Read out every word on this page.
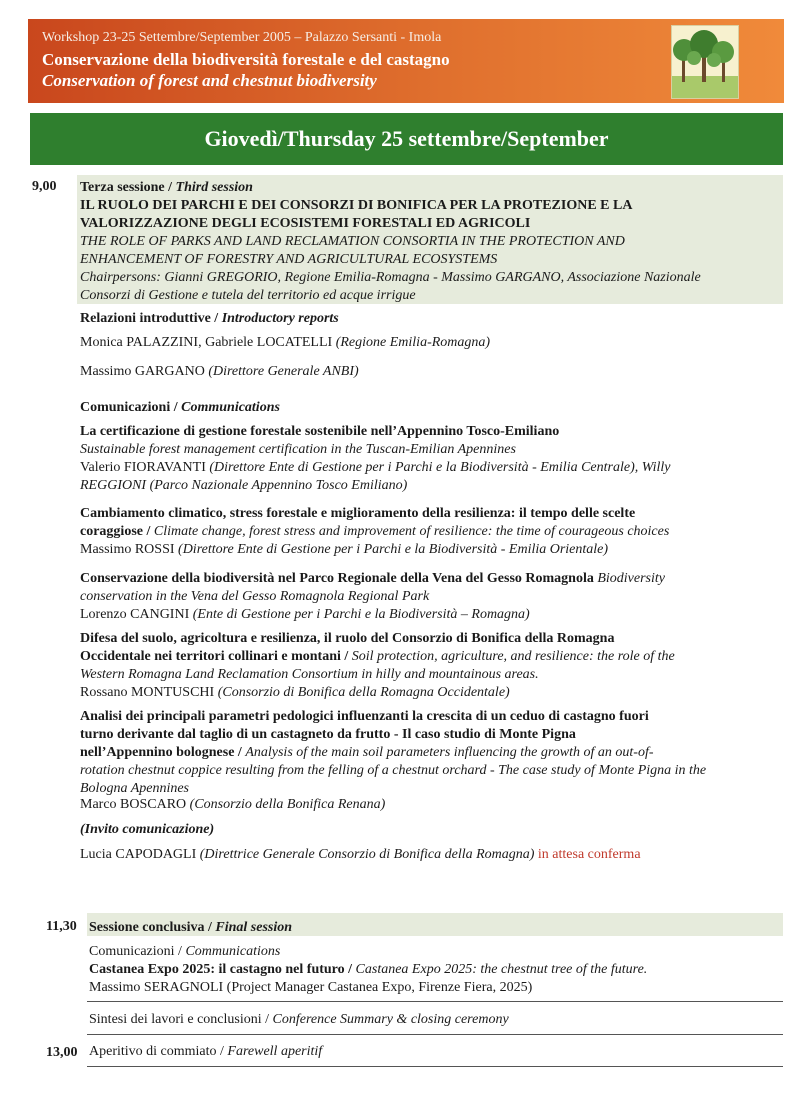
Workshop 23-25 Settembre/September 2005 – Palazzo Sersanti - Imola
Conservazione della biodiversità forestale e del castagno
Conservation of forest and chestnut biodiversity
Giovedì/Thursday 25 settembre/September
9,00 Terza sessione / Third session
IL RUOLO DEI PARCHI E DEI CONSORZI DI BONIFICA PER LA PROTEZIONE E LA
VALORIZZAZIONE DEGLI ECOSISTEMI FORESTALI ED AGRICOLI
THE ROLE OF PARKS AND LAND RECLAMATION CONSORTIA IN THE PROTECTION AND
ENHANCEMENT OF FORESTRY AND AGRICULTURAL ECOSYSTEMS
Chairpersons: Gianni GREGORIO, Regione Emilia-Romagna - Massimo GARGANO, Associazione Nazionale
Consorzi di Gestione e tutela del territorio ed acque irrigue
Relazioni introduttive / Introductory reports
Monica PALAZZINI, Gabriele LOCATELLI (Regione Emilia-Romagna)
Massimo GARGANO (Direttore Generale ANBI)
Comunicazioni / Communications
La certificazione di gestione forestale sostenibile nell’Appennino Tosco-Emiliano
Sustainable forest management certification in the Tuscan-Emilian Apennines
Valerio FIORAVANTI (Direttore Ente di Gestione per i Parchi e la Biodiversità - Emilia Centrale), Willy
REGGIONI (Parco Nazionale Appennino Tosco Emiliano)
Cambiamento climatico, stress forestale e miglioramento della resilienza: il tempo delle scelte
coraggiose / Climate change, forest stress and improvement of resilience: the time of courageous choices
Massimo ROSSI (Direttore Ente di Gestione per i Parchi e la Biodiversità - Emilia Orientale)
Conservazione della biodiversità nel Parco Regionale della Vena del Gesso Romagnola Biodiversity
conservation in the Vena del Gesso Romagnola Regional Park
Lorenzo CANGINI (Ente di Gestione per i Parchi e la Biodiversità – Romagna)
Difesa del suolo, agricoltura e resilienza, il ruolo del Consorzio di Bonifica della Romagna
Occidentale nei territori collinari e montani / Soil protection, agriculture, and resilience: the role of the
Western Romagna Land Reclamation Consortium in hilly and mountainous areas.
Rossano MONTUSCHI (Consorzio di Bonifica della Romagna Occidentale)
Analisi dei principali parametri pedologici influenzanti la crescita di un ceduo di castagno fuori
turno derivante dal taglio di un castagneto da frutto - Il caso studio di Monte Pigna
nell’Appennino bolognese / Analysis of the main soil parameters influencing the growth of an out-of-
rotation chestnut coppice resulting from the felling of a chestnut orchard - The case study of Monte Pigna in the
Bologna Apennines
Marco BOSCARO (Consorzio della Bonifica Renana)
(Invito comunicazione)
Lucia CAPODAGLI (Direttrice Generale Consorzio di Bonifica della Romagna) in attesa conferma
11,30 Sessione conclusiva / Final session
Comunicazioni / Communications
Castanea Expo 2025: il castagno nel futuro / Castanea Expo 2025: the chestnut tree of the future.
Massimo SERAGNOLI (Project Manager Castanea Expo, Firenze Fiera, 2025)
Sintesi dei lavori e conclusioni / Conference Summary & closing ceremony
13,00 Aperitivo di commiato / Farewell aperitif
